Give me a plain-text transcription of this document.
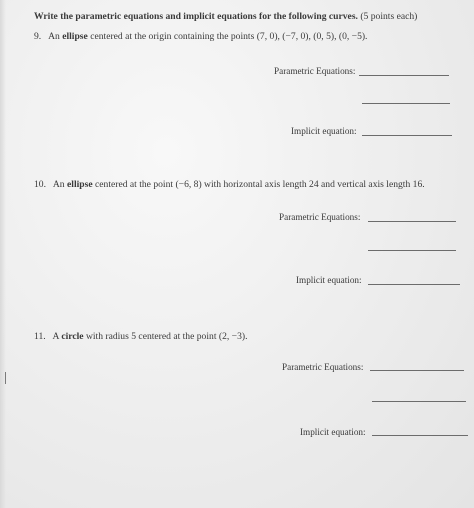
Write the parametric equations and implicit equations for the following curves. (5 points each)
9. An ellipse centered at the origin containing the points (7, 0), (−7, 0), (0, 5), (0, −5).
Parametric Equations:
Implicit equation:
10. An ellipse centered at the point (−6, 8) with horizontal axis length 24 and vertical axis length 16.
Parametric Equations:
Implicit equation:
11. A circle with radius 5 centered at the point (2, −3).
Parametric Equations:
Implicit equation:
